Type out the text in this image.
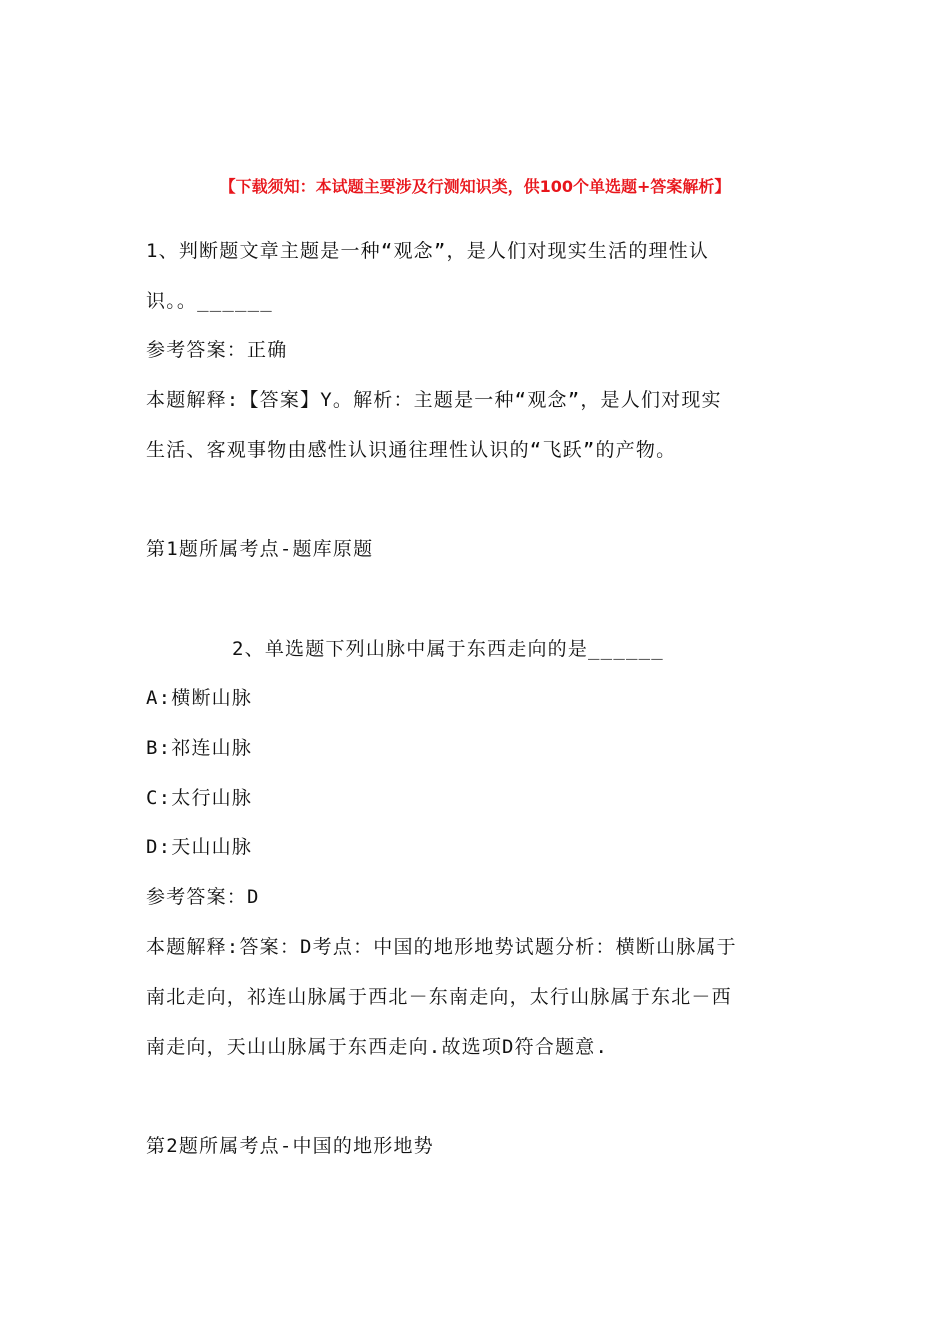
【下载须知：本试题主要涉及行测知识类，供100个单选题+答案解析】
1、判断题文章主题是一种“观念”，是人们对现实生活的理性认
识。。______
参考答案：正确
本题解释:【答案】Y。解析：主题是一种“观念”，是人们对现实
生活、客观事物由感性认识通往理性认识的“飞跃”的产物。
第1题所属考点-题库原题
2、单选题下列山脉中属于东西走向的是______
A:横断山脉
B:祁连山脉
C:太行山脉
D:天山山脉
参考答案：D
本题解释:答案：D考点：中国的地形地势试题分析：横断山脉属于
南北走向，祁连山脉属于西北－东南走向，太行山脉属于东北－西
南走向，天山山脉属于东西走向.故选项D符合题意.
第2题所属考点-中国的地形地势
